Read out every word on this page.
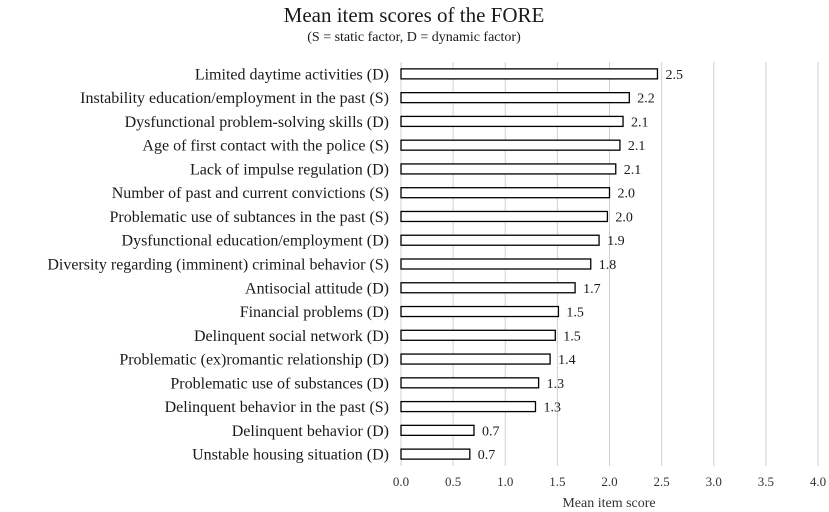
Mean item scores of the FORE
(S = static factor, D = dynamic factor)
Limited daytime activities (D)
Instability education/employment in the past (S)
Dysfunctional problem-solving skills (D)
Age of first contact with the police (S)
Lack of impulse regulation (D)
Number of past and current convictions (S)
Problematic use of subtances in the past (S)
Dysfunctional education/employment (D)
Diversity regarding (imminent) criminal behavior (S)
Antisocial attitude (D)
Financial problems (D)
Delinquent social network (D)
Problematic (ex)romantic relationship (D)
Problematic use of substances (D)
Delinquent behavior in the past (S)
Delinquent behavior (D)
Unstable housing situation (D)
2.5
2.2
2.1
2.1
2.1
2.0
2.0
1.9
1.8
1.7
1.5
1.5
1.4
1.3
1.3
0.7
0.7
0.0	0.5	1.0	1.5	2.0	2.5	3.0	3.5	4.0
Mean item score
